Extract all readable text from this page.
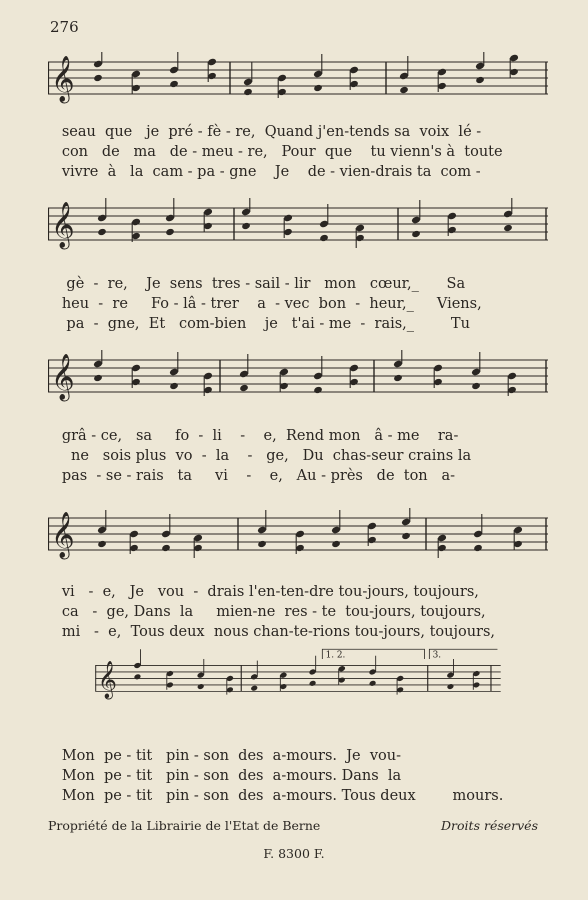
276
𝄞
seau  que   je  pré - fè - re,  Quand j'en-tends sa  voix  lé -
con   de   ma   de - meu - re,   Pour  que    tu vienn's à  toute
vivre  à   la  cam - pa - gne    Je    de - vien-drais ta  com -
𝄞
gè  -  re,    Je  sens  tres - sail - lir   mon   cœur,_      Sa
heu  -  re     Fo - lâ - trer    a  - vec  bon  -  heur,_     Viens,
pa  -  gne,  Et   com-bien    je   t'ai - me  -  rais,_        Tu
𝄞
grâ - ce,   sa     fo  -  li    -    e,  Rend mon   â - me    ra-
ne   sois plus  vo  -  la    -   ge,   Du  chas-seur crains la
pas  - se - rais   ta     vi    -    e,   Au - près   de  ton   a-
𝄞
vi   -  e,   Je   vou  -  drais l'en-ten-dre tou-jours, toujours,
ca   -  ge, Dans  la     mien-ne  res - te  tou-jours, toujours,
mi   -  e,  Tous deux  nous chan-te-rions tou-jours, toujours,
𝄞
1. 2.	3.
Mon  pe - tit   pin - son  des  a-mours.  Je  vou-
Mon  pe - tit   pin - son  des  a-mours. Dans  la
Mon  pe - tit   pin - son  des  a-mours. Tous deux        mours.
Propriété de la Librairie de l'Etat de Berne	Droits réservés
F. 8300 F.
